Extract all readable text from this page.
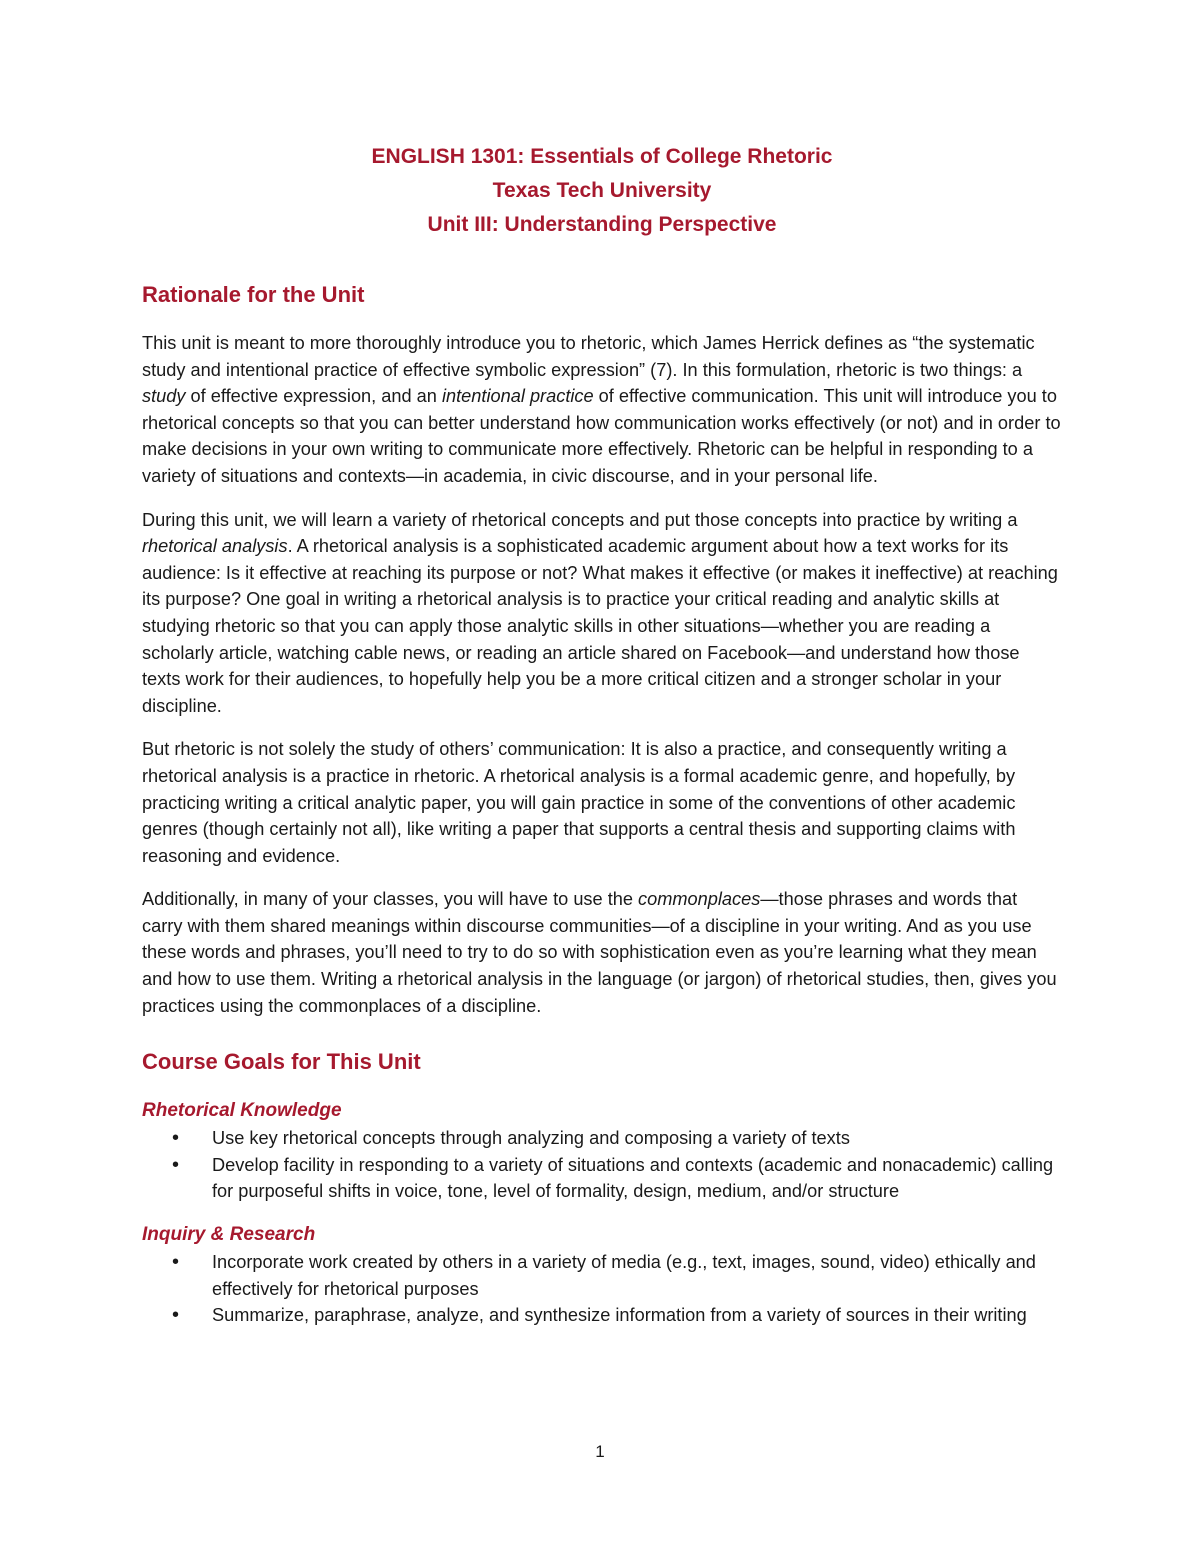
ENGLISH 1301: Essentials of College Rhetoric
Texas Tech University
Unit III: Understanding Perspective
Rationale for the Unit

This unit is meant to more thoroughly introduce you to rhetoric, which James Herrick defines as “the systematic study and intentional practice of effective symbolic expression” (7). In this formulation, rhetoric is two things: a study of effective expression, and an intentional practice of effective communication. This unit will introduce you to rhetorical concepts so that you can better understand how communication works effectively (or not) and in order to make decisions in your own writing to communicate more effectively. Rhetoric can be helpful in responding to a variety of situations and contexts—in academia, in civic discourse, and in your personal life.

During this unit, we will learn a variety of rhetorical concepts and put those concepts into practice by writing a rhetorical analysis. A rhetorical analysis is a sophisticated academic argument about how a text works for its audience: Is it effective at reaching its purpose or not? What makes it effective (or makes it ineffective) at reaching its purpose? One goal in writing a rhetorical analysis is to practice your critical reading and analytic skills at studying rhetoric so that you can apply those analytic skills in other situations—whether you are reading a scholarly article, watching cable news, or reading an article shared on Facebook—and understand how those texts work for their audiences, to hopefully help you be a more critical citizen and a stronger scholar in your discipline.

But rhetoric is not solely the study of others’ communication: It is also a practice, and consequently writing a rhetorical analysis is a practice in rhetoric. A rhetorical analysis is a formal academic genre, and hopefully, by practicing writing a critical analytic paper, you will gain practice in some of the conventions of other academic genres (though certainly not all), like writing a paper that supports a central thesis and supporting claims with reasoning and evidence.

Additionally, in many of your classes, you will have to use the commonplaces—those phrases and words that carry with them shared meanings within discourse communities—of a discipline in your writing. And as you use these words and phrases, you’ll need to try to do so with sophistication even as you’re learning what they mean and how to use them. Writing a rhetorical analysis in the language (or jargon) of rhetorical studies, then, gives you practices using the commonplaces of a discipline.

Course Goals for This Unit
Rhetorical Knowledge
• Use key rhetorical concepts through analyzing and composing a variety of texts
• Develop facility in responding to a variety of situations and contexts (academic and nonacademic) calling for purposeful shifts in voice, tone, level of formality, design, medium, and/or structure
Inquiry & Research
• Incorporate work created by others in a variety of media (e.g., text, images, sound, video) ethically and effectively for rhetorical purposes
• Summarize, paraphrase, analyze, and synthesize information from a variety of sources in their writing
1
